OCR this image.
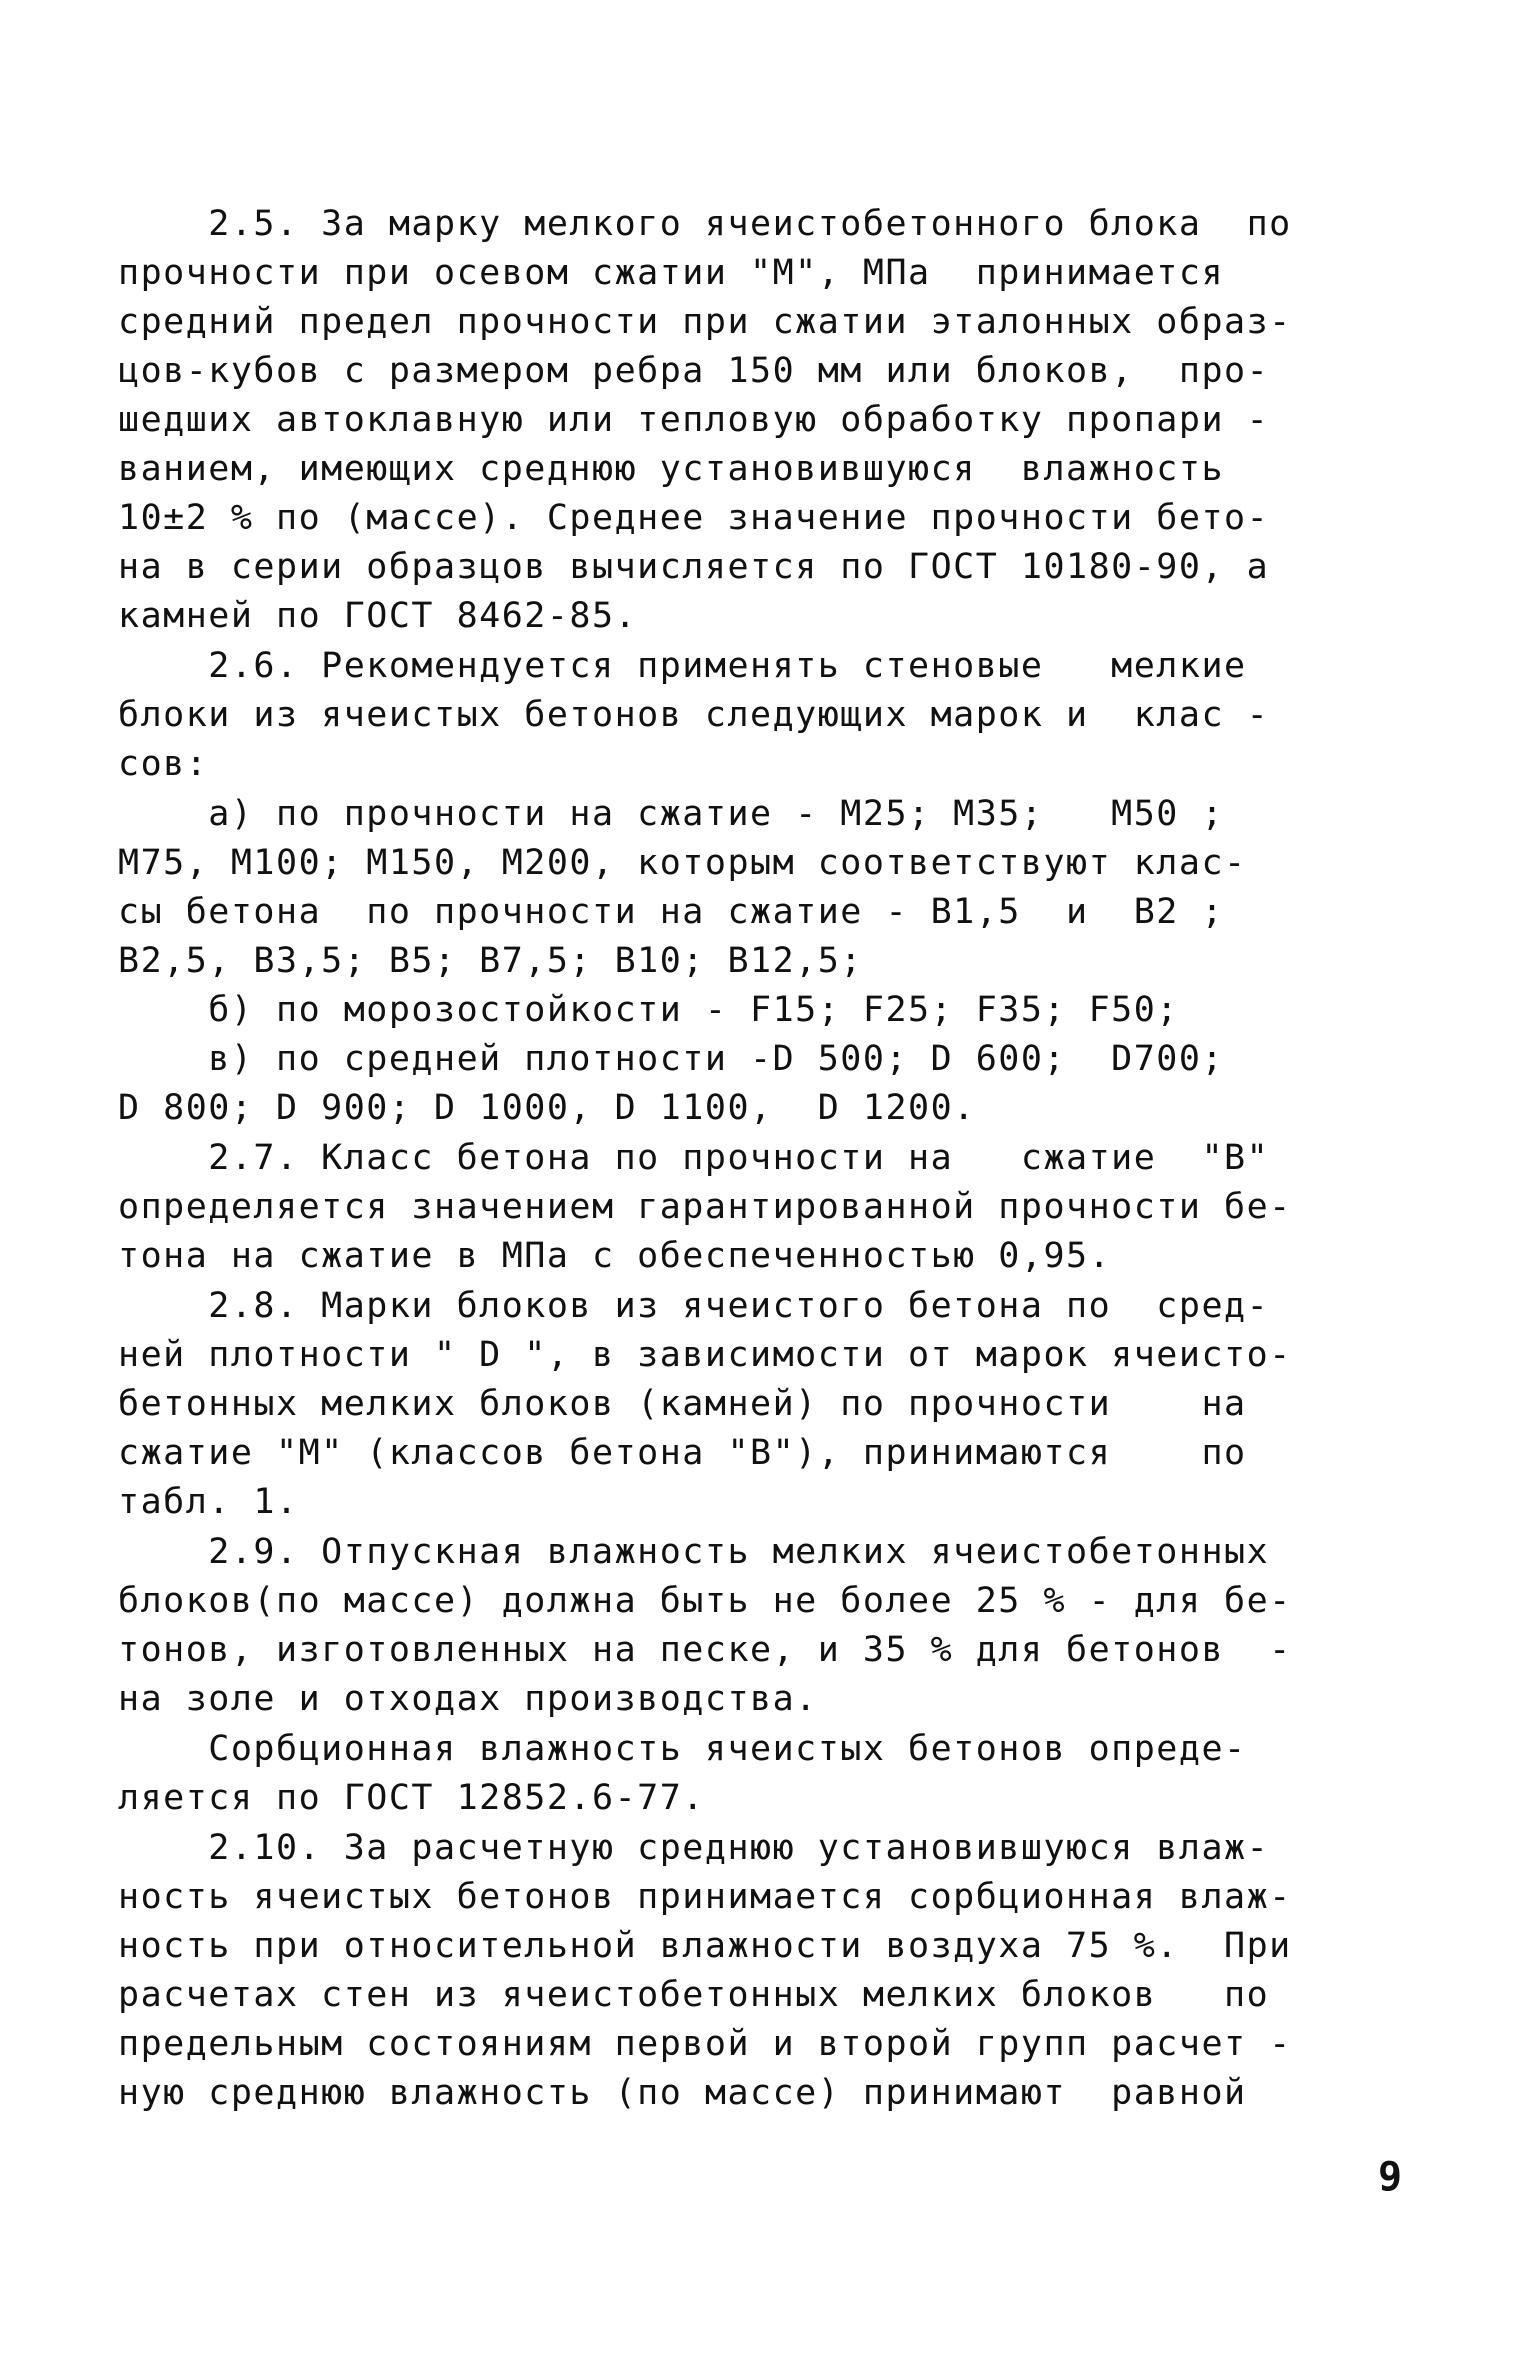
2.5. За марку мелкого ячеистобетонного блока  по
прочности при осевом сжатии "М", МПа  принимается
средний предел прочности при сжатии эталонных образ-
цов-кубов с размером ребра 150 мм или блоков,  про-
шедших автоклавную или тепловую обработку пропари -
ванием, имеющих среднюю установившуюся  влажность
10±2 % по (массе). Среднее значение прочности бето-
на в серии образцов вычисляется по ГОСТ 10180-90, а
камней по ГОСТ 8462-85.
2.6. Рекомендуется применять стеновые   мелкие
блоки из ячеистых бетонов следующих марок и  клас -
сов:
а) по прочности на сжатие - М25; М35;   М50 ;
М75, М100; М150, М200, которым соответствуют клас-
сы бетона  по прочности на сжатие - В1,5  и  В2 ;
В2,5, В3,5; В5; В7,5; В10; В12,5;
б) по морозостойкости - F15; F25; F35; F50;
в) по средней плотности -D 500; D 600;  D700;
D 800; D 900; D 1000, D 1100,  D 1200.
2.7. Класс бетона по прочности на   сжатие  "В"
определяется значением гарантированной прочности бе-
тона на сжатие в МПа с обеспеченностью 0,95.
2.8. Марки блоков из ячеистого бетона по  сред-
ней плотности " D ", в зависимости от марок ячеисто-
бетонных мелких блоков (камней) по прочности    на
сжатие "М" (классов бетона "В"), принимаются    по
табл. 1.
2.9. Отпускная влажность мелких ячеистобетонных
блоков(по массе) должна быть не более 25 % - для бе-
тонов, изготовленных на песке, и 35 % для бетонов  -
на золе и отходах производства.
Сорбционная влажность ячеистых бетонов опреде-
ляется по ГОСТ 12852.6-77.
2.10. За расчетную среднюю установившуюся влаж-
ность ячеистых бетонов принимается сорбционная влаж-
ность при относительной влажности воздуха 75 %.  При
расчетах стен из ячеистобетонных мелких блоков   по
предельным состояниям первой и второй групп расчет -
ную среднюю влажность (по массе) принимают  равной
9
